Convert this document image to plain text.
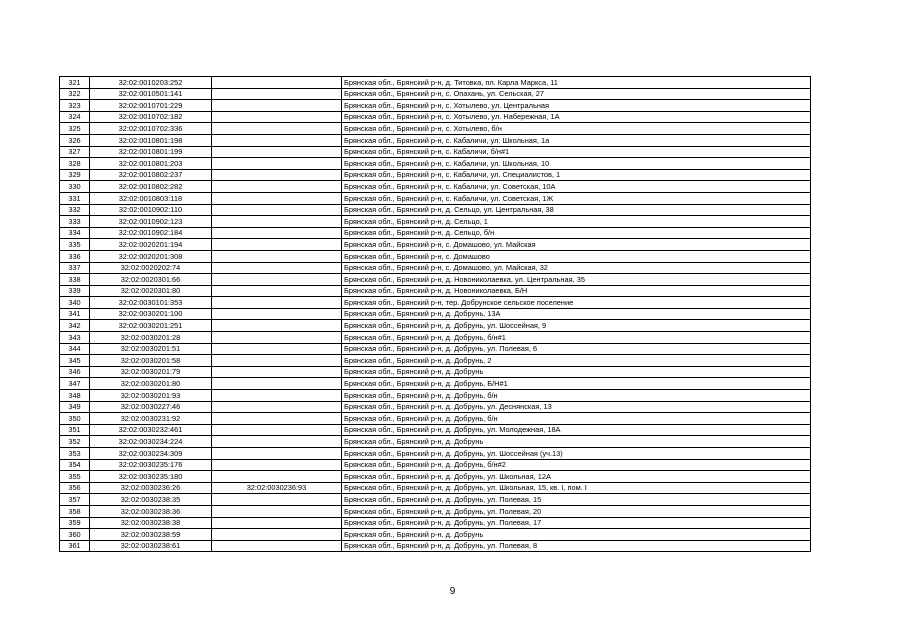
321	32:02:0010203:252		Брянская обл., Брянский р-н, д. Титовка, пл. Карла Маркса, 11
322	32:02:0010501:141		Брянская обл., Брянский р-н, с. Опахань, ул. Сельская, 27
323	32:02:0010701:229		Брянская обл., Брянский р-н, с. Хотылево, ул. Центральная
324	32:02:0010702:182		Брянская обл., Брянский р-н, с. Хотылево, ул. Набережная, 1А
325	32:02:0010702:336		Брянская обл., Брянский р-н, с. Хотылево, б/н
326	32:02:0010801:198		Брянская обл., Брянский р-н, с. Кабаличи, ул. Школьная, 1а
327	32:02:0010801:199		Брянская обл., Брянский р-н, с. Кабаличи, б/н#1
328	32:02:0010801:203		Брянская обл., Брянский р-н, с. Кабаличи, ул. Школьная, 10
329	32:02:0010802:237		Брянская обл., Брянский р-н, с. Кабаличи, ул. Специалистов, 1
330	32:02:0010802:282		Брянская обл., Брянский р-н, с. Кабаличи, ул. Советская, 10А
331	32:02:0010803:118		Брянская обл., Брянский р-н, с. Кабаличи, ул. Советская, 1Ж
332	32:02:0010902:110		Брянская обл., Брянский р-н, д. Сельцо, ул. Центральная, 38
333	32:02:0010902:123		Брянская обл., Брянский р-н, д. Сельцо, 1
334	32:02:0010902:184		Брянская обл., Брянский р-н, д. Сельцо, б/н
335	32:02:0020201:194		Брянская обл., Брянский р-н, с. Домашово, ул. Майская
336	32:02:0020201:308		Брянская обл., Брянский р-н, с. Домашово
337	32:02:0020202:74		Брянская обл., Брянский р-н, с. Домашово, ул. Майская, 32
338	32:02:0020301:66		Брянская обл., Брянский р-н, д. Новониколаевка, ул. Центральная, 35
339	32:02:0020301:80		Брянская обл., Брянский р-н, д. Новониколаевка, Б/Н
340	32:02:0030101:353		Брянская обл., Брянский р-н, тер. Добрунское сельское поселение
341	32:02:0030201:100		Брянская обл., Брянский р-н, д. Добрунь, 13А
342	32:02:0030201:251		Брянская обл., Брянский р-н, д. Добрунь, ул. Шоссейная, 9
343	32:02:0030201:28		Брянская обл., Брянский р-н, д. Добрунь, б/н#1
344	32:02:0030201:51		Брянская обл., Брянский р-н, д. Добрунь, ул. Полевая, 6
345	32:02:0030201:58		Брянская обл., Брянский р-н, д. Добрунь, 2
346	32:02:0030201:79		Брянская обл., Брянский р-н, д. Добрунь
347	32:02:0030201:80		Брянская обл., Брянский р-н, д. Добрунь, Б/Н#1
348	32:02:0030201:93		Брянская обл., Брянский р-н, д. Добрунь, б/н
349	32:02:0030227:46		Брянская обл., Брянский р-н, д. Добрунь, ул. Деснянская, 13
350	32:02:0030231:92		Брянская обл., Брянский р-н, д. Добрунь, б/н
351	32:02:0030232:461		Брянская обл., Брянский р-н, д. Добрунь, ул. Молодежная, 18А
352	32:02:0030234:224		Брянская обл., Брянский р-н, д. Добрунь
353	32:02:0030234:309		Брянская обл., Брянский р-н, д. Добрунь, ул. Шоссейная (уч.13)
354	32:02:0030235:176		Брянская обл., Брянский р-н, д. Добрунь, б/н#2
355	32:02:0030235:180		Брянская обл., Брянский р-н, д. Добрунь, ул. Школьная, 12А
356	32:02:0030236:26	32:02:0030236:93	Брянская обл., Брянский р-н, д. Добрунь, ул. Школьная, 15, кв. I, пом. I
357	32:02:0030238:35		Брянская обл., Брянский р-н, д. Добрунь, ул. Полевая, 15
358	32:02:0030238:36		Брянская обл., Брянский р-н, д. Добрунь, ул. Полевая, 20
359	32:02:0030238:38		Брянская обл., Брянский р-н, д. Добрунь, ул. Полевая, 17
360	32:02:0030238:59		Брянская обл., Брянский р-н, д. Добрунь
361	32:02:0030238:61		Брянская обл., Брянский р-н, д. Добрунь, ул. Полевая, 8
9
